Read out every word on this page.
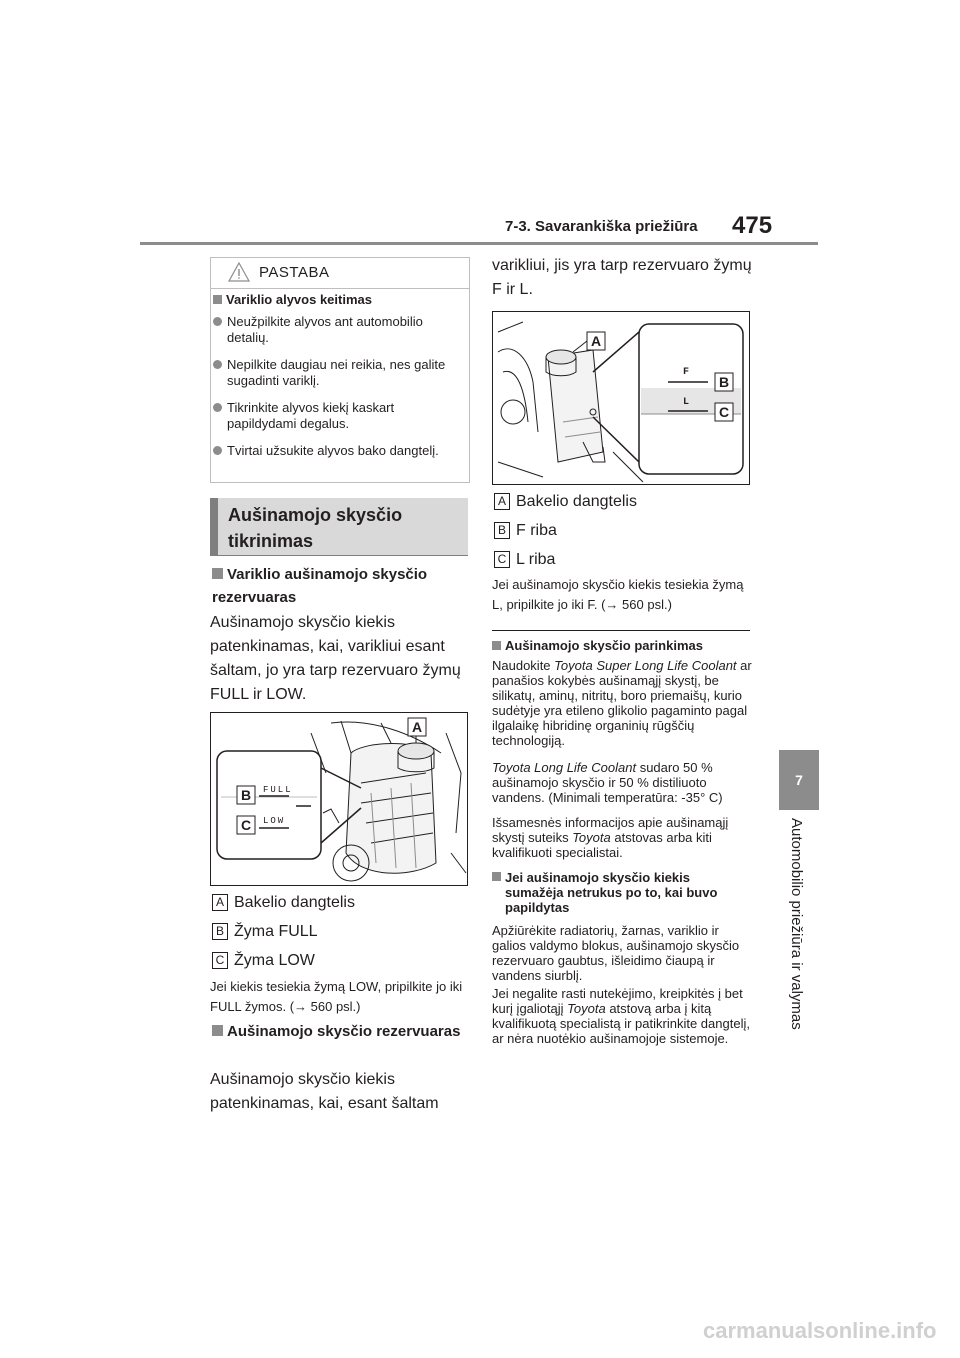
7-3. Savarankiška priežiūra 475
7
Automobilio priežiūra ir valymas
PASTABA
Variklio alyvos keitimas
Neužpilkite alyvos ant automobilio detalių.
Nepilkite daugiau nei reikia, nes galite sugadinti variklį.
Tikrinkite alyvos kiekį kaskart papildydami degalus.
Tvirtai užsukite alyvos bako dangtelį.
Aušinamojo skysčio tikrinimas
Variklio aušinamojo skysčio rezervuaras
Aušinamojo skysčio kiekis patenkinamas, kai, varikliui esant šaltam, jo yra tarp rezervuaro žymų FULL ir LOW.
FULL
LOW
A
B
C
A Bakelio dangtelis
B Žyma FULL
C Žyma LOW
Jei kiekis tesiekia žymą LOW, pripilkite jo iki FULL žymos. (→ 560 psl.)
Aušinamojo skysčio rezervuaras
Aušinamojo skysčio kiekis patenkinamas, kai, esant šaltam
varikliui, jis yra tarp rezervuaro žymų F ir L.
F
L
A
B
C
A Bakelio dangtelis
B F riba
C L riba
Jei aušinamojo skysčio kiekis tesiekia žymą L, pripilkite jo iki F. (→ 560 psl.)
Aušinamojo skysčio parinkimas
Naudokite Toyota Super Long Life Coolant ar panašios kokybės aušinamąjį skystį, be silikatų, aminų, nitritų, boro priemaišų, kurio sudėtyje yra etileno glikolio pagaminto pagal ilgalaikę hibridinę organinių rūgščių technologiją.
Toyota Long Life Coolant sudaro 50 % aušinamojo skysčio ir 50 % distiliuoto vandens. (Minimali temperatūra: -35° C)
Išsamesnės informacijos apie aušinamąjį skystį suteiks Toyota atstovas arba kiti kvalifikuoti specialistai.
Jei aušinamojo skysčio kiekis sumažėja netrukus po to, kai buvo papildytas
Apžiūrėkite radiatorių, žarnas, variklio ir galios valdymo blokus, aušinamojo skysčio rezervuaro gaubtus, išleidimo čiaupą ir vandens siurblį.
Jei negalite rasti nutekėjimo, kreipkitės į bet kurį įgaliotąjį Toyota atstovą arba į kitą kvalifikuotą specialistą ir patikrinkite dangtelį, ar nėra nuotėkio aušinamojoje sistemoje.
carmanualsonline.info
